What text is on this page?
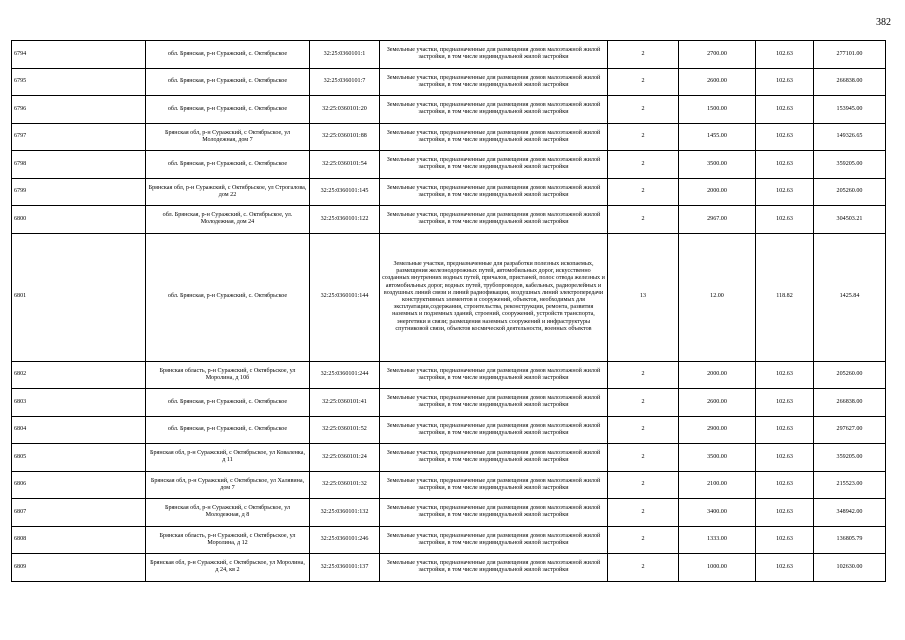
382
6794	обл. Брянская, р-н Суражский, с. Октябрьское	32:25:0360101:1	Земельные участки, предназначенные для размещения домов малоэтажной жилой застройки, в том числе индивидуальной жилой застройки	2	2700.00	102.63	277101.00
6795	обл. Брянская, р-н Суражский, с. Октябрьское	32:25:0360101:7	Земельные участки, предназначенные для размещения домов малоэтажной жилой застройки, в том числе индивидуальной жилой застройки	2	2600.00	102.63	266838.00
6796	обл. Брянская, р-н Суражский, с. Октябрьское	32:25:0360101:20	Земельные участки, предназначенные для размещения домов малоэтажной жилой застройки, в том числе индивидуальной жилой застройки	2	1500.00	102.63	153945.00
6797	Брянская обл, р-н Суражский, с Октябрьское, ул Молодежная, дом 7	32:25:0360101:88	Земельные участки, предназначенные для размещения домов малоэтажной жилой застройки, в том числе индивидуальной жилой застройки	2	1455.00	102.63	149326.65
6798	обл. Брянская, р-н Суражский, с. Октябрьское	32:25:0360101:54	Земельные участки, предназначенные для размещения домов малоэтажной жилой застройки, в том числе индивидуальной жилой застройки	2	3500.00	102.63	359205.00
6799	Брянская обл, р-н Суражский, с Октябрьское, ул Строгалова, дом 22	32:25:0360101:145	Земельные участки, предназначенные для размещения домов малоэтажной жилой застройки, в том числе индивидуальной жилой застройки	2	2000.00	102.63	205260.00
6800	обл. Брянская, р-н Суражский, с. Октябрьское, ул. Молодежная, дом 24	32:25:0360101:122	Земельные участки, предназначенные для размещения домов малоэтажной жилой застройки, в том числе индивидуальной жилой застройки	2	2967.00	102.63	304503.21
6801	обл. Брянская, р-н Суражский, с. Октябрьское	32:25:0360101:144	Земельные участки, предназначенные для разработки полезных ископаемых, размещения железнодорожных путей, автомобильных дорог, искусственно созданных внутренних водных путей, причалов, пристаней, полос отвода железных и автомобильных дорог, водных путей, трубопроводов, кабельных, радиорелейных и воздушных линий связи и линий радиофикации, воздушных линий электропередачи конструктивных элементов и сооружений, объектов, необходимых для эксплуатации,содержания, строительства, реконструкции, ремонта, развития наземных и подземных зданий, строений, сооружений, устройств транспорта, энергетики и связи; размещения наземных сооружений и инфраструктуры спутниковой связи, объектов космической деятельности, военных объектов	13	12.00	118.82	1425.84
6802	Брянская область, р-н Суражский, с Октябрьское, ул Моролина, д 10б	32:25:0360101:244	Земельные участки, предназначенные для размещения домов малоэтажной жилой застройки, в том числе индивидуальной жилой застройки	2	2000.00	102.63	205260.00
6803	обл. Брянская, р-н Суражский, с. Октябрьское	32:25:0360101:41	Земельные участки, предназначенные для размещения домов малоэтажной жилой застройки, в том числе индивидуальной жилой застройки	2	2600.00	102.63	266838.00
6804	обл. Брянская, р-н Суражский, с. Октябрьское	32:25:0360101:52	Земельные участки, предназначенные для размещения домов малоэтажной жилой застройки, в том числе индивидуальной жилой застройки	2	2900.00	102.63	297627.00
6805	Брянская обл, р-н Суражский, с Октябрьское, ул Коваленка, д 11	32:25:0360101:24	Земельные участки, предназначенные для размещения домов малоэтажной жилой застройки, в том числе индивидуальной жилой застройки	2	3500.00	102.63	359205.00
6806	Брянская обл, р-н Суражский, с Октябрьское, ул Халявина, дом 7	32:25:0360101:32	Земельные участки, предназначенные для размещения домов малоэтажной жилой застройки, в том числе индивидуальной жилой застройки	2	2100.00	102.63	215523.00
6807	Брянская обл, р-н Суражский, с Октябрьское, ул Молодежная, д 8	32:25:0360101:132	Земельные участки, предназначенные для размещения домов малоэтажной жилой застройки, в том числе индивидуальной жилой застройки	2	3400.00	102.63	348942.00
6808	Брянская область, р-н Суражский, с Октябрьское, ул Моролина, д 12	32:25:0360101:246	Земельные участки, предназначенные для размещения домов малоэтажной жилой застройки, в том числе индивидуальной жилой застройки	2	1333.00	102.63	136805.79
6809	Брянская обл, р-н Суражский, с Октябрьское, ул Моролина, д 24, кв 2	32:25:0360101:137	Земельные участки, предназначенные для размещения домов малоэтажной жилой застройки, в том числе индивидуальной жилой застройки	2	1000.00	102.63	102630.00
